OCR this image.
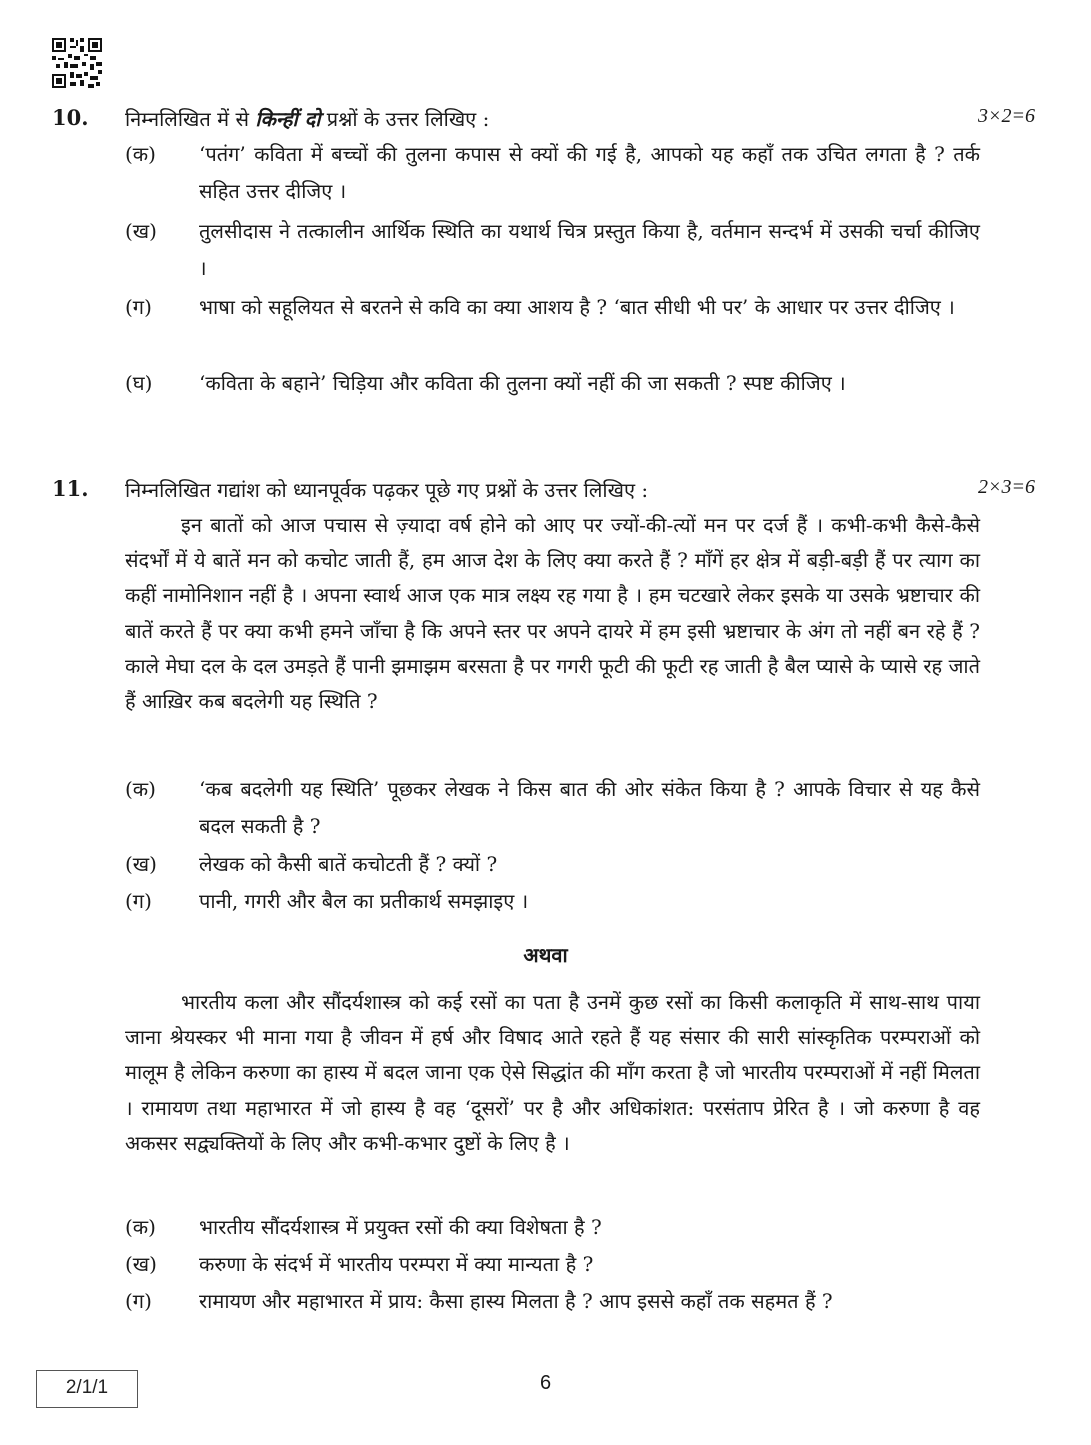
10. निम्नलिखित में से किन्हीं दो प्रश्नों के उत्तर लिखिए :	3×2=6
(क) ‘पतंग’ कविता में बच्चों की तुलना कपास से क्यों की गई है, आपको यह कहाँ तक उचित लगता है ? तर्क सहित उत्तर दीजिए ।
(ख) तुलसीदास ने तत्कालीन आर्थिक स्थिति का यथार्थ चित्र प्रस्तुत किया है, वर्तमान सन्दर्भ में उसकी चर्चा कीजिए ।
(ग) भाषा को सहूलियत से बरतने से कवि का क्या आशय है ? ‘बात सीधी भी पर’ के आधार पर उत्तर दीजिए ।
(घ) ‘कविता के बहाने’ चिड़िया और कविता की तुलना क्यों नहीं की जा सकती ? स्पष्ट कीजिए ।
11. निम्नलिखित गद्यांश को ध्यानपूर्वक पढ़कर पूछे गए प्रश्नों के उत्तर लिखिए :	2×3=6
इन बातों को आज पचास से ज़्यादा वर्ष होने को आए पर ज्यों-की-त्यों मन पर दर्ज हैं । कभी-कभी कैसे-कैसे संदर्भों में ये बातें मन को कचोट जाती हैं, हम आज देश के लिए क्या करते हैं ? माँगें हर क्षेत्र में बड़ी-बड़ी हैं पर त्याग का कहीं नामोनिशान नहीं है । अपना स्वार्थ आज एक मात्र लक्ष्य रह गया है । हम चटखारे लेकर इसके या उसके भ्रष्टाचार की बातें करते हैं पर क्या कभी हमने जाँचा है कि अपने स्तर पर अपने दायरे में हम इसी भ्रष्टाचार के अंग तो नहीं बन रहे हैं ? काले मेघा दल के दल उमड़ते हैं पानी झमाझम बरसता है पर गगरी फूटी की फूटी रह जाती है बैल प्यासे के प्यासे रह जाते हैं आख़िर कब बदलेगी यह स्थिति ?
(क) ‘कब बदलेगी यह स्थिति’ पूछकर लेखक ने किस बात की ओर संकेत किया है ? आपके विचार से यह कैसे बदल सकती है ?
(ख) लेखक को कैसी बातें कचोटती हैं ? क्यों ?
(ग) पानी, गगरी और बैल का प्रतीकार्थ समझाइए ।
अथवा
भारतीय कला और सौंदर्यशास्त्र को कई रसों का पता है उनमें कुछ रसों का किसी कलाकृति में साथ-साथ पाया जाना श्रेयस्कर भी माना गया है जीवन में हर्ष और विषाद आते रहते हैं यह संसार की सारी सांस्कृतिक परम्पराओं को मालूम है लेकिन करुणा का हास्य में बदल जाना एक ऐसे सिद्धांत की माँग करता है जो भारतीय परम्पराओं में नहीं मिलता । रामायण तथा महाभारत में जो हास्य है वह ‘दूसरों’ पर है और अधिकांशत: परसंताप प्रेरित है । जो करुणा है वह अकसर सद्व्यक्तियों के लिए और कभी-कभार दुष्टों के लिए है ।
(क) भारतीय सौंदर्यशास्त्र में प्रयुक्त रसों की क्या विशेषता है ?
(ख) करुणा के संदर्भ में भारतीय परम्परा में क्या मान्यता है ?
(ग) रामायण और महाभारत में प्राय: कैसा हास्य मिलता है ? आप इससे कहाँ तक सहमत हैं ?
2/1/1	6
